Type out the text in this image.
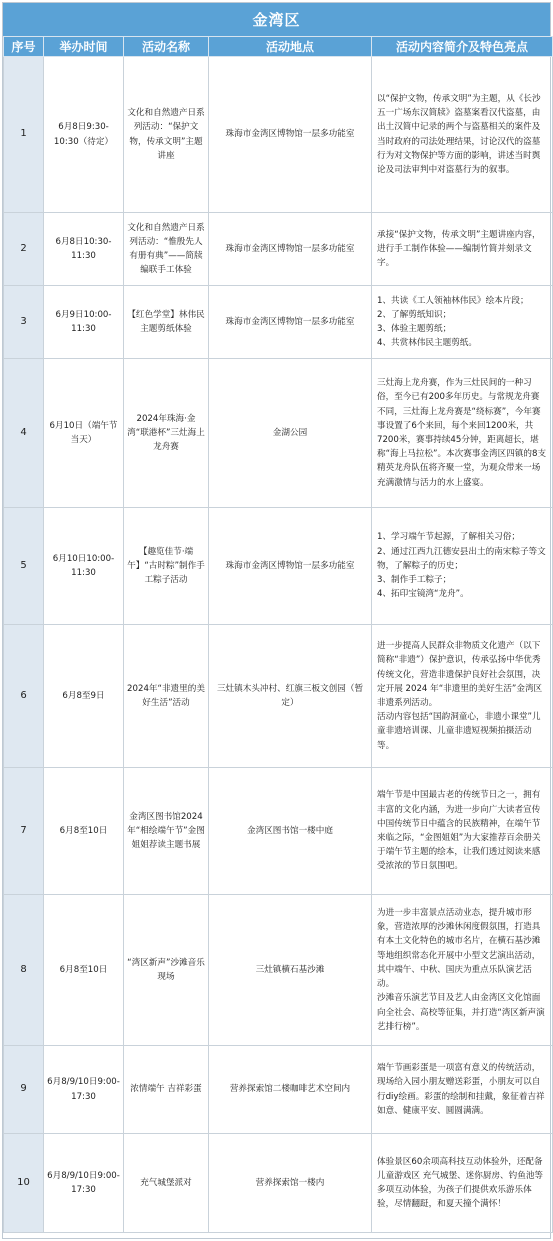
金湾区
序号	举办时间	活动名称	活动地点	活动内容简介及特色亮点
1	6月8日9:30-10:30（待定）	文化和自然遗产日系列活动：“保护文物，传承文明”主题讲座	珠海市金湾区博物馆一层多功能室	以“保护文物，传承文明”为主题，从《长沙五一广场东汉简牍》盗墓案看汉代盗墓，由出土汉简中记录的两个与盗墓相关的案件及当时政府的司法处理结果，讨论汉代的盗墓行为对文物保护等方面的影响，讲述当时舆论及司法审判中对盗墓行为的叙事。

2	6月8日10:30-11:30	文化和自然遗产日系列活动：“惟殷先人 有册有典”——简牍编联手工体验	珠海市金湾区博物馆一层多功能室	承接“保护文物，传承文明”主题讲座内容，进行手工制作体验——编制竹简并刻录文字。

3	6月9日10:00-11:30	【红色学堂】林伟民主题剪纸体验	珠海市金湾区博物馆一层多功能室	1、共读《工人领袖林伟民》绘本片段；
2、了解剪纸知识；
3、体验主题剪纸；
4、共赏林伟民主题剪纸。

4	6月10日（端午节当天）	2024年珠海·金湾“联港杯”三灶海上龙舟赛	金湖公园	三灶海上龙舟赛，作为三灶民间的一种习俗，至今已有200多年历史。与常规龙舟赛不同，三灶海上龙舟赛是“绕标赛”，今年赛事设置了6个来回，每个来回1200米，共7200米，赛事持续45分钟，距离超长，堪称“海上马拉松”。本次赛事金湾区四镇的8支精英龙舟队伍将齐聚一堂，为观众带来一场充满激情与活力的水上盛宴。

5	6月10日10:00-11:30	【趣览佳节·端午】“古时粽”制作手工粽子活动	珠海市金湾区博物馆一层多功能室	1、学习端午节起源，了解相关习俗；
2、通过江西九江德安县出土的南宋粽子等文物，了解粽子的历史；
3、制作手工粽子；
4、拓印宝镜湾“龙舟”。

6	6月8至9日	2024年“非遗里的美好生活”活动	三灶镇木头冲村、红旗三板文创园（暂定）	进一步提高人民群众非物质文化遗产（以下简称“非遗”）保护意识，传承弘扬中华优秀传统文化，营造非遗保护良好社会氛围，决定开展 2024 年“非遗里的美好生活”金湾区非遗系列活动。
活动内容包括“国韵洞童心，非遗小课堂”儿童非遗培训课、儿童非遗短视频拍摄活动等。

7	6月8至10日	金湾区图书馆2024年“相绘端午节”金图姐姐荐读主题书展	金湾区图书馆一楼中庭	端午节是中国最古老的传统节日之一，拥有丰富的文化内涵，为进一步向广大读者宣传中国传统节日中蕴含的民族精神，在端午节来临之际，“金图姐姐”为大家推荐百余册关于端午节主题的绘本，让我们透过阅读来感受浓浓的节日氛围吧。

8	6月8至10日	“湾区新声”沙滩音乐现场	三灶镇横石基沙滩	为进一步丰富景点活动业态，提升城市形象，营造浓厚的沙滩休闲度假氛围，打造具有本土文化特色的城市名片，在横石基沙滩等地组织常态化开展中小型文艺演出活动，其中端午、中秋、国庆为重点乐队演艺活动。
沙滩音乐演艺节目及艺人由金湾区文化馆面向全社会、高校等征集，并打造“湾区新声演艺排行榜”。

9	6月8/9/10日9:00-17:30	浓情端午 吉祥彩蛋	营养探索馆二楼咖啡艺术空间内	端午节画彩蛋是一项富有意义的传统活动，现场给入园小朋友赠送彩蛋，小朋友可以自行diy绘画。彩蛋的绘制和挂戴，象征着吉祥如意、健康平安、圆圆满满。

10	6月8/9/10日9:00-17:30	充气城堡派对	营养探索馆一楼内	体验景区60余项高科技互动体验外，还配备儿童游戏区 充气城堡、迷你厨房、钓鱼池等多项互动体验，为孩子们提供欢乐游乐体验，尽情翻跹，和夏天撞个满怀！
